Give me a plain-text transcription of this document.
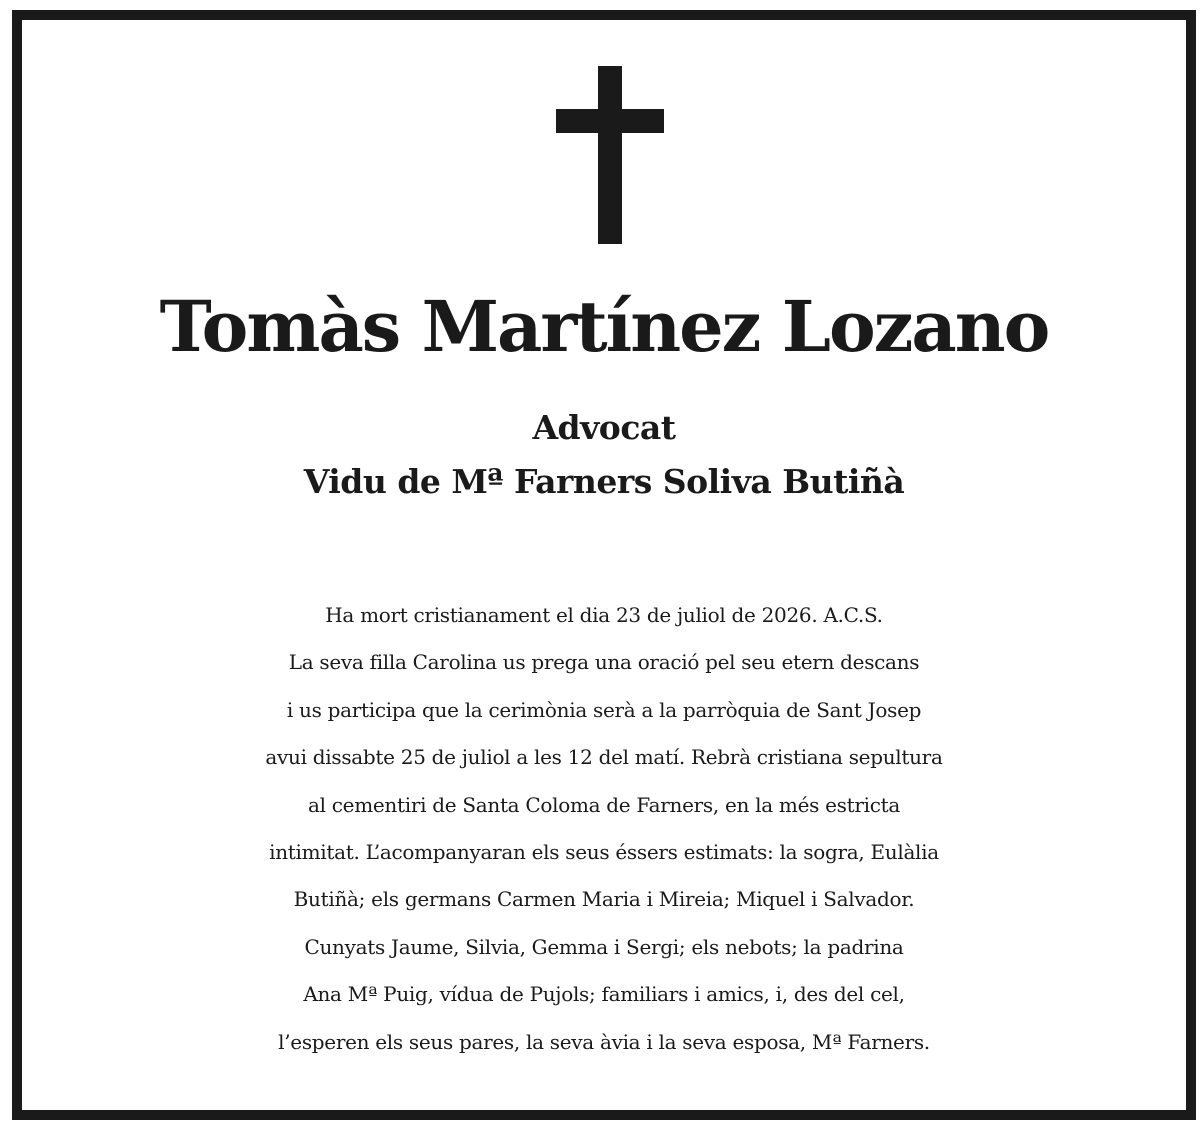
Tomàs Martínez Lozano
Advocat
Vidu de Mª Farners Soliva Butiñà
Ha mort cristianament el dia 23 de juliol de 2026. A.C.S.
La seva filla Carolina us prega una oració pel seu etern descans
i us participa que la cerimònia serà a la parròquia de Sant Josep
avui dissabte 25 de juliol a les 12 del matí. Rebrà cristiana sepultura
al cementiri de Santa Coloma de Farners, en la més estricta
intimitat. L’acompanyaran els seus éssers estimats: la sogra, Eulàlia
Butiñà; els germans Carmen Maria i Mireia; Miquel i Salvador.
Cunyats Jaume, Silvia, Gemma i Sergi; els nebots; la padrina
Ana Mª Puig, vídua de Pujols; familiars i amics, i, des del cel,
l’esperen els seus pares, la seva àvia i la seva esposa, Mª Farners.
